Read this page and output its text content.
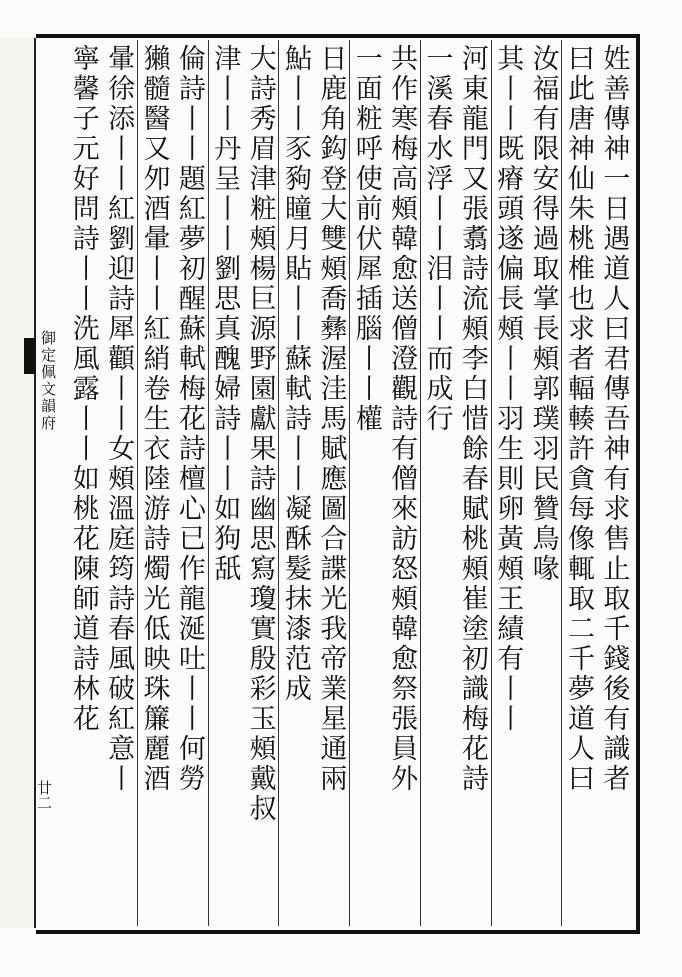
御定佩文韻府
廿二
姓善傳神一日遇道人曰君傳吾神有求售止取千錢後有識者
曰此唐神仙朱桃椎也求者輻輳許貪每像輒取二千夢道人曰
汝福有限安得過取掌長頰郭璞羽民贊鳥喙
其丨丨既瘠頭遂偏長頰丨丨羽生則卵黃頰王績有丨丨
河東龍門又張翥詩流頰李白惜餘春賦桃頰崔塗初識梅花詩
一溪春水浮丨丨泪丨丨而成行
共作寒梅高頰韓愈送僧澄觀詩有僧來訪怒頰韓愈祭張員外
一面粧呼使前伏犀插腦丨丨權
日鹿角鈎登大雙頰喬彝渥洼馬賦應圖合諜光我帝業星通兩
鮎丨丨豕豞瞳月貼丨丨蘇軾詩丨丨凝酥髮抹漆范成
大詩秀眉津粧頰楊巨源野園獻果詩幽思寫瓊實殷彩玉頰戴叔
津丨丨丹呈丨丨劉思真醜婦詩丨丨如狗舐
倫詩丨丨題紅夢初醒蘇軾梅花詩檀心已作龍涎吐丨丨何勞
獺髓醫又夘酒暈丨丨紅綃卷生衣陸游詩燭光低映珠簾麗酒
暈徐添丨丨紅劉迎詩犀顴丨丨女頰溫庭筠詩春風破紅意丨
寧馨子元好問詩丨丨洗風露丨丨如桃花陳師道詩林花
